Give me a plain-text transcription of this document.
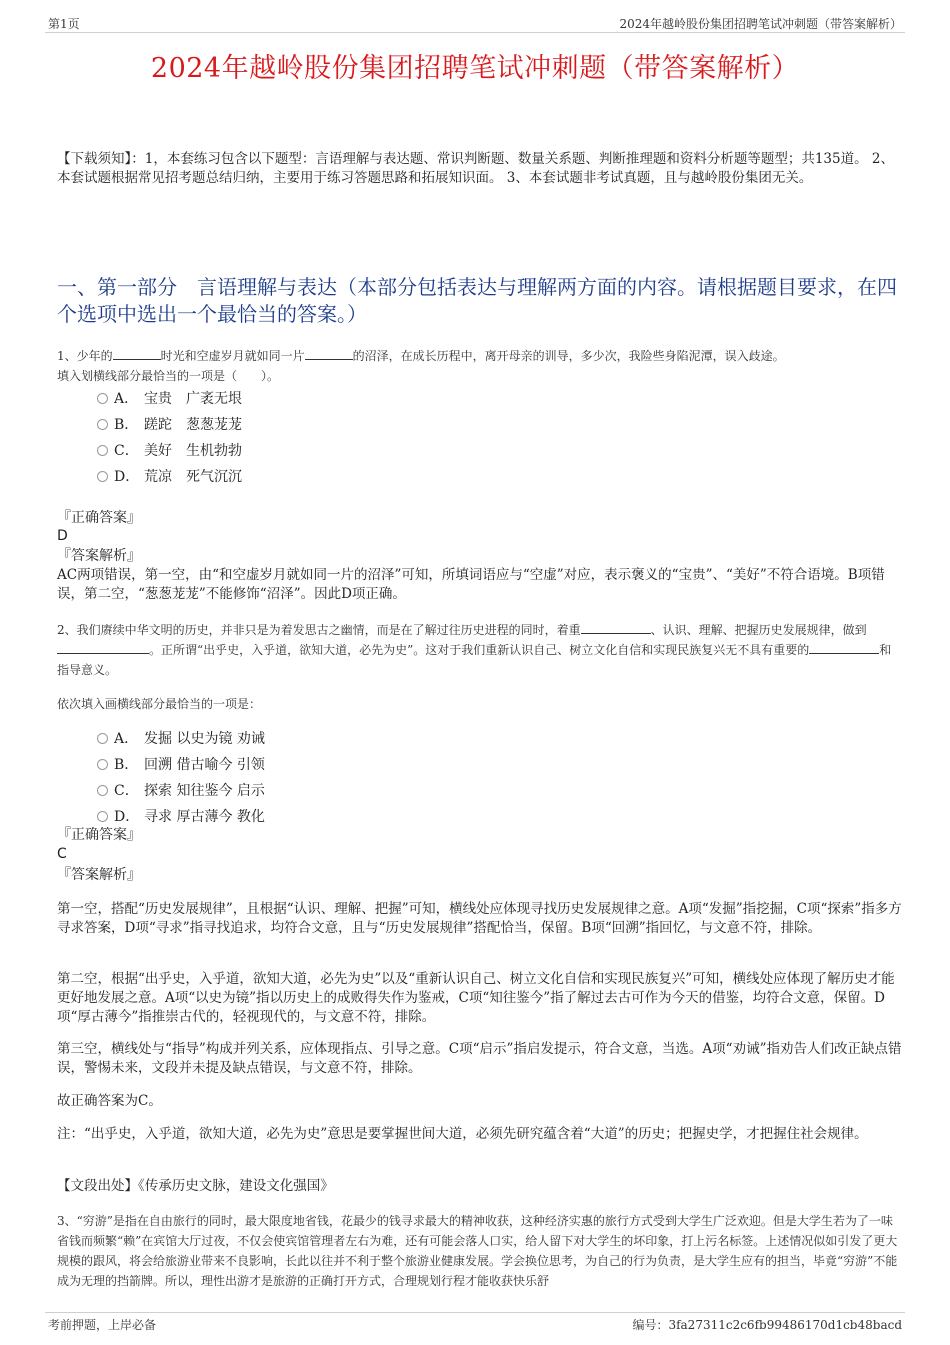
第1页	2024年越岭股份集团招聘笔试冲刺题（带答案解析）
2024年越岭股份集团招聘笔试冲刺题（带答案解析）
【下载须知】：1，本套练习包含以下题型：言语理解与表达题、常识判断题、数量关系题、判断推理题和资料分析题等题型；共135道。 2、本套试题根据常见招考题总结归纳，主要用于练习答题思路和拓展知识面。 3、本套试题非考试真题，且与越岭股份集团无关。
一、第一部分　言语理解与表达（本部分包括表达与理解两方面的内容。请根据题目要求，在四个选项中选出一个最恰当的答案。）
1、少年的	时光和空虚岁月就如同一片	的沼泽，在成长历程中，离开母亲的训导，多少次，我险些身陷泥潭，误入歧途。
填入划横线部分最恰当的一项是（　　）。
A． 宝贵　广袤无垠
B． 蹉跎　葱葱茏茏
C． 美好　生机勃勃
D． 荒凉　死气沉沉
『正确答案』
D
『答案解析』
AC两项错误，第一空，由“和空虚岁月就如同一片的沼泽”可知，所填词语应与“空虚”对应，表示褒义的“宝贵”、“美好”不符合语境。B项错误，第二空，“葱葱茏茏”不能修饰“沼泽”。因此D项正确。
2、我们赓续中华文明的历史，并非只是为着发思古之幽情，而是在了解过往历史进程的同时，着重	、认识、理解、把握历史发展规律，做到。正所谓“出乎史，入乎道，欲知大道，必先为史”。这对于我们重新认识自己、树立文化自信和实现民族复兴无不具有重要的	和指导意义。
依次填入画横线部分最恰当的一项是：
A． 发掘 以史为镜 劝诫
B． 回溯 借古喻今 引领
C． 探索 知往鉴今 启示
D． 寻求 厚古薄今 教化
『正确答案』
C
『答案解析』
第一空，搭配“历史发展规律”，且根据“认识、理解、把握”可知，横线处应体现寻找历史发展规律之意。A项“发掘”指挖掘，C项“探索”指多方寻求答案，D项“寻求”指寻找追求，均符合文意，且与“历史发展规律”搭配恰当，保留。B项“回溯”指回忆，与文意不符，排除。
第二空，根据“出乎史，入乎道，欲知大道，必先为史”以及“重新认识自己、树立文化自信和实现民族复兴”可知，横线处应体现了解历史才能更好地发展之意。A项“以史为镜”指以历史上的成败得失作为鉴戒，C项“知往鉴今”指了解过去古可作为今天的借鉴，均符合文意，保留。D项“厚古薄今”指推崇古代的，轻视现代的，与文意不符，排除。
第三空，横线处与“指导”构成并列关系，应体现指点、引导之意。C项“启示”指启发提示，符合文意，当选。A项“劝诫”指劝告人们改正缺点错误，警惕未来，文段并未提及缺点错误，与文意不符，排除。
故正确答案为C。
注：“出乎史，入乎道，欲知大道，必先为史”意思是要掌握世间大道，必须先研究蕴含着“大道”的历史；把握史学，才把握住社会规律。
【文段出处】《传承历史文脉，建设文化强国》
3、“穷游”是指在自由旅行的同时，最大限度地省钱，花最少的钱寻求最大的精神收获，这种经济实惠的旅行方式受到大学生广泛欢迎。但是大学生若为了一味省钱而频繁“赖”在宾馆大厅过夜，不仅会使宾馆管理者左右为难，还有可能会落人口实，给人留下对大学生的坏印象，打上污名标签。上述情况似如引发了更大规模的跟风，将会给旅游业带来不良影响，长此以往并不利于整个旅游业健康发展。学会换位思考，为自己的行为负责，是大学生应有的担当，毕竟“穷游”不能成为无理的挡箭牌。所以，理性出游才是旅游的正确打开方式，合理规划行程才能收获快乐舒
考前押题，上岸必备	编号：3fa27311c2c6fb99486170d1cb48bacd
